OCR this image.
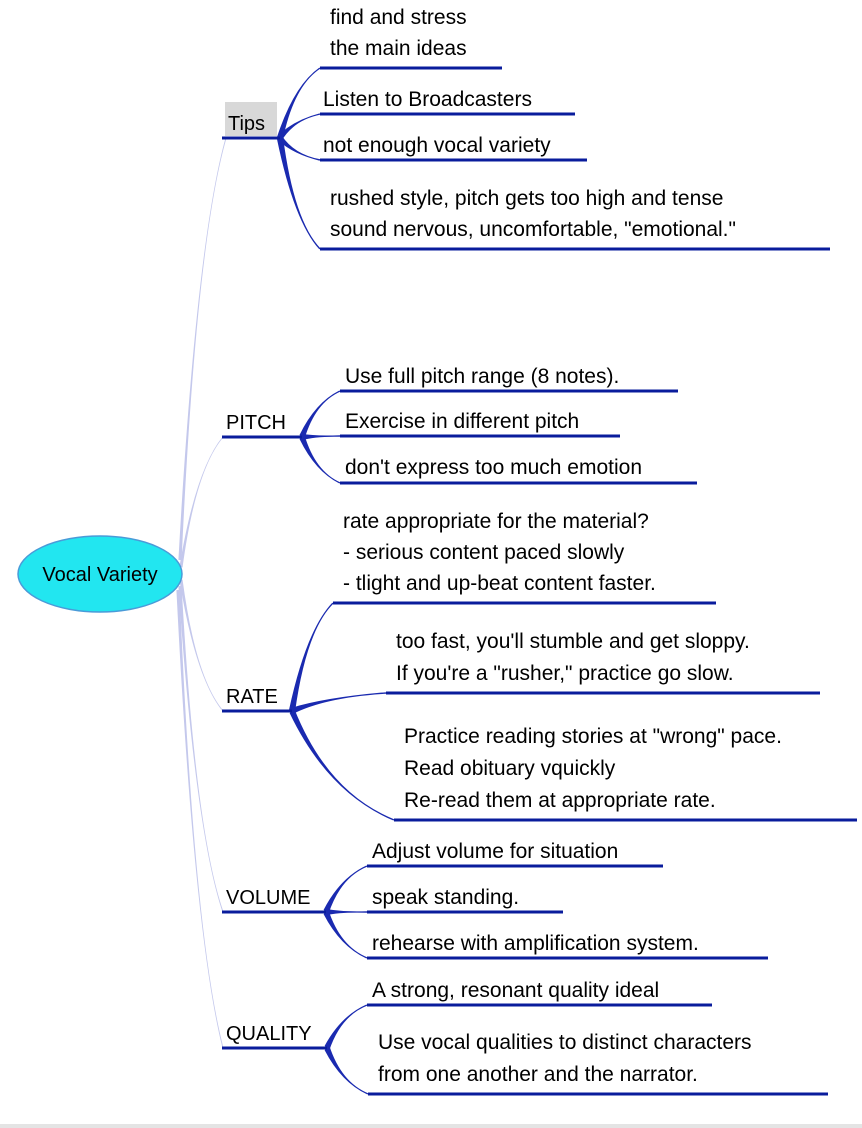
Vocal Variety
Tips
find and stress
the main ideas
Listen to Broadcasters
not enough vocal variety
rushed style, pitch gets too high and tense
sound nervous, uncomfortable, "emotional."
PITCH
Use full pitch range (8 notes).
Exercise in different pitch
don't express too much emotion
RATE
rate appropriate for the material?
- serious content paced slowly
- tlight and up-beat content faster.
too fast, you'll stumble and get sloppy.
If you're a "rusher," practice go slow.
Practice reading stories at "wrong" pace.
Read obituary vquickly
Re-read them at appropriate rate.
VOLUME
Adjust volume for situation
speak standing.
rehearse with amplification system.
QUALITY
A strong, resonant quality ideal
Use vocal qualities to distinct characters
from one another and the narrator.
